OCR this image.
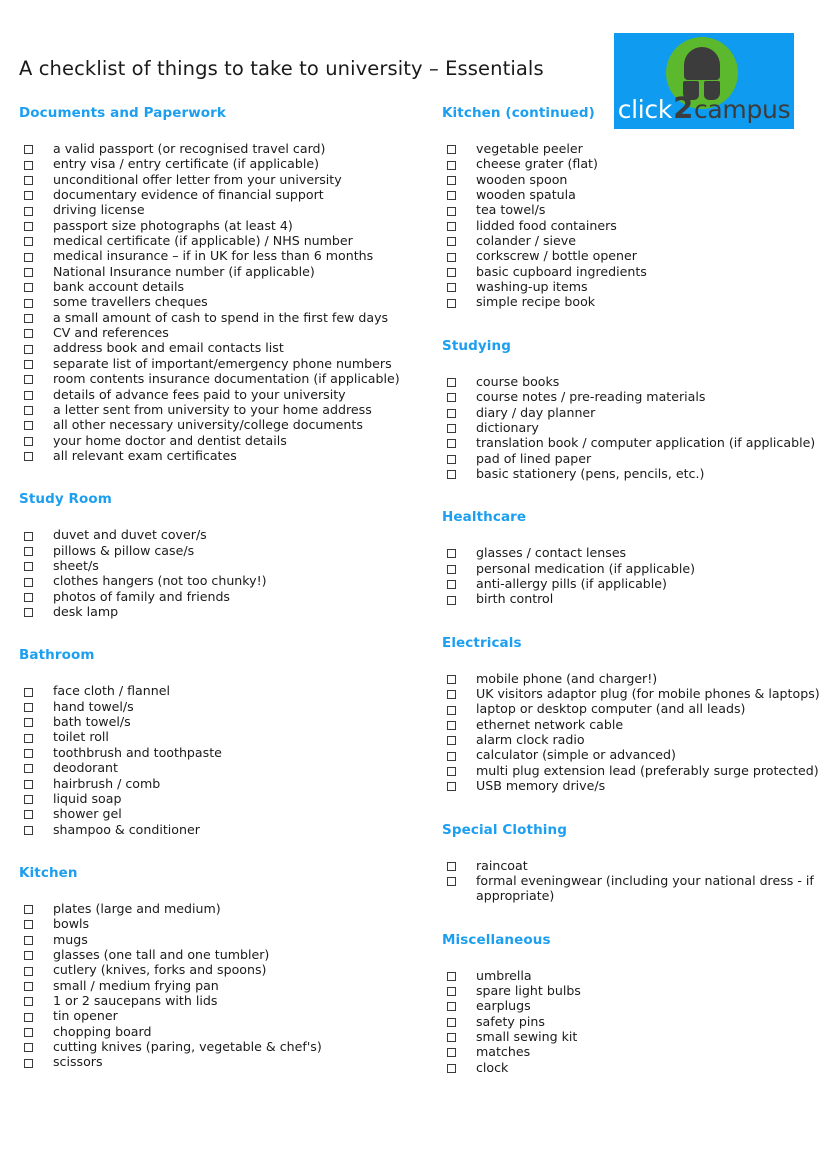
A checklist of things to take to university – Essentials
click2campus
Documents and Paperwork
a valid passport (or recognised travel card)
entry visa / entry certificate (if applicable)
unconditional offer letter from your university
documentary evidence of financial support
driving license
passport size photographs (at least 4)
medical certificate (if applicable) / NHS number
medical insurance – if in UK for less than 6 months
National Insurance number (if applicable)
bank account details
some travellers cheques
a small amount of cash to spend in the first few days
CV and references
address book and email contacts list
separate list of important/emergency phone numbers
room contents insurance documentation (if applicable)
details of advance fees paid to your university
a letter sent from university to your home address
all other necessary university/college documents
your home doctor and dentist details
all relevant exam certificates
Study Room
duvet and duvet cover/s
pillows & pillow case/s
sheet/s
clothes hangers (not too chunky!)
photos of family and friends
desk lamp
Bathroom
face cloth / flannel
hand towel/s
bath towel/s
toilet roll
toothbrush and toothpaste
deodorant
hairbrush / comb
liquid soap
shower gel
shampoo & conditioner
Kitchen
plates (large and medium)
bowls
mugs
glasses (one tall and one tumbler)
cutlery (knives, forks and spoons)
small / medium frying pan
1 or 2 saucepans with lids
tin opener
chopping board
cutting knives (paring, vegetable & chef's)
scissors
Kitchen (continued)
vegetable peeler
cheese grater (flat)
wooden spoon
wooden spatula
tea towel/s
lidded food containers
colander / sieve
corkscrew / bottle opener
basic cupboard ingredients
washing-up items
simple recipe book
Studying
course books
course notes / pre-reading materials
diary / day planner
dictionary
translation book / computer application (if applicable)
pad of lined paper
basic stationery (pens, pencils, etc.)
Healthcare
glasses / contact lenses
personal medication (if applicable)
anti-allergy pills (if applicable)
birth control
Electricals
mobile phone (and charger!)
UK visitors adaptor plug (for mobile phones & laptops)
laptop or desktop computer (and all leads)
ethernet network cable
alarm clock radio
calculator (simple or advanced)
multi plug extension lead (preferably surge protected)
USB memory drive/s
Special Clothing
raincoat
formal eveningwear (including your national dress - if appropriate)
Miscellaneous
umbrella
spare light bulbs
earplugs
safety pins
small sewing kit
matches
clock
